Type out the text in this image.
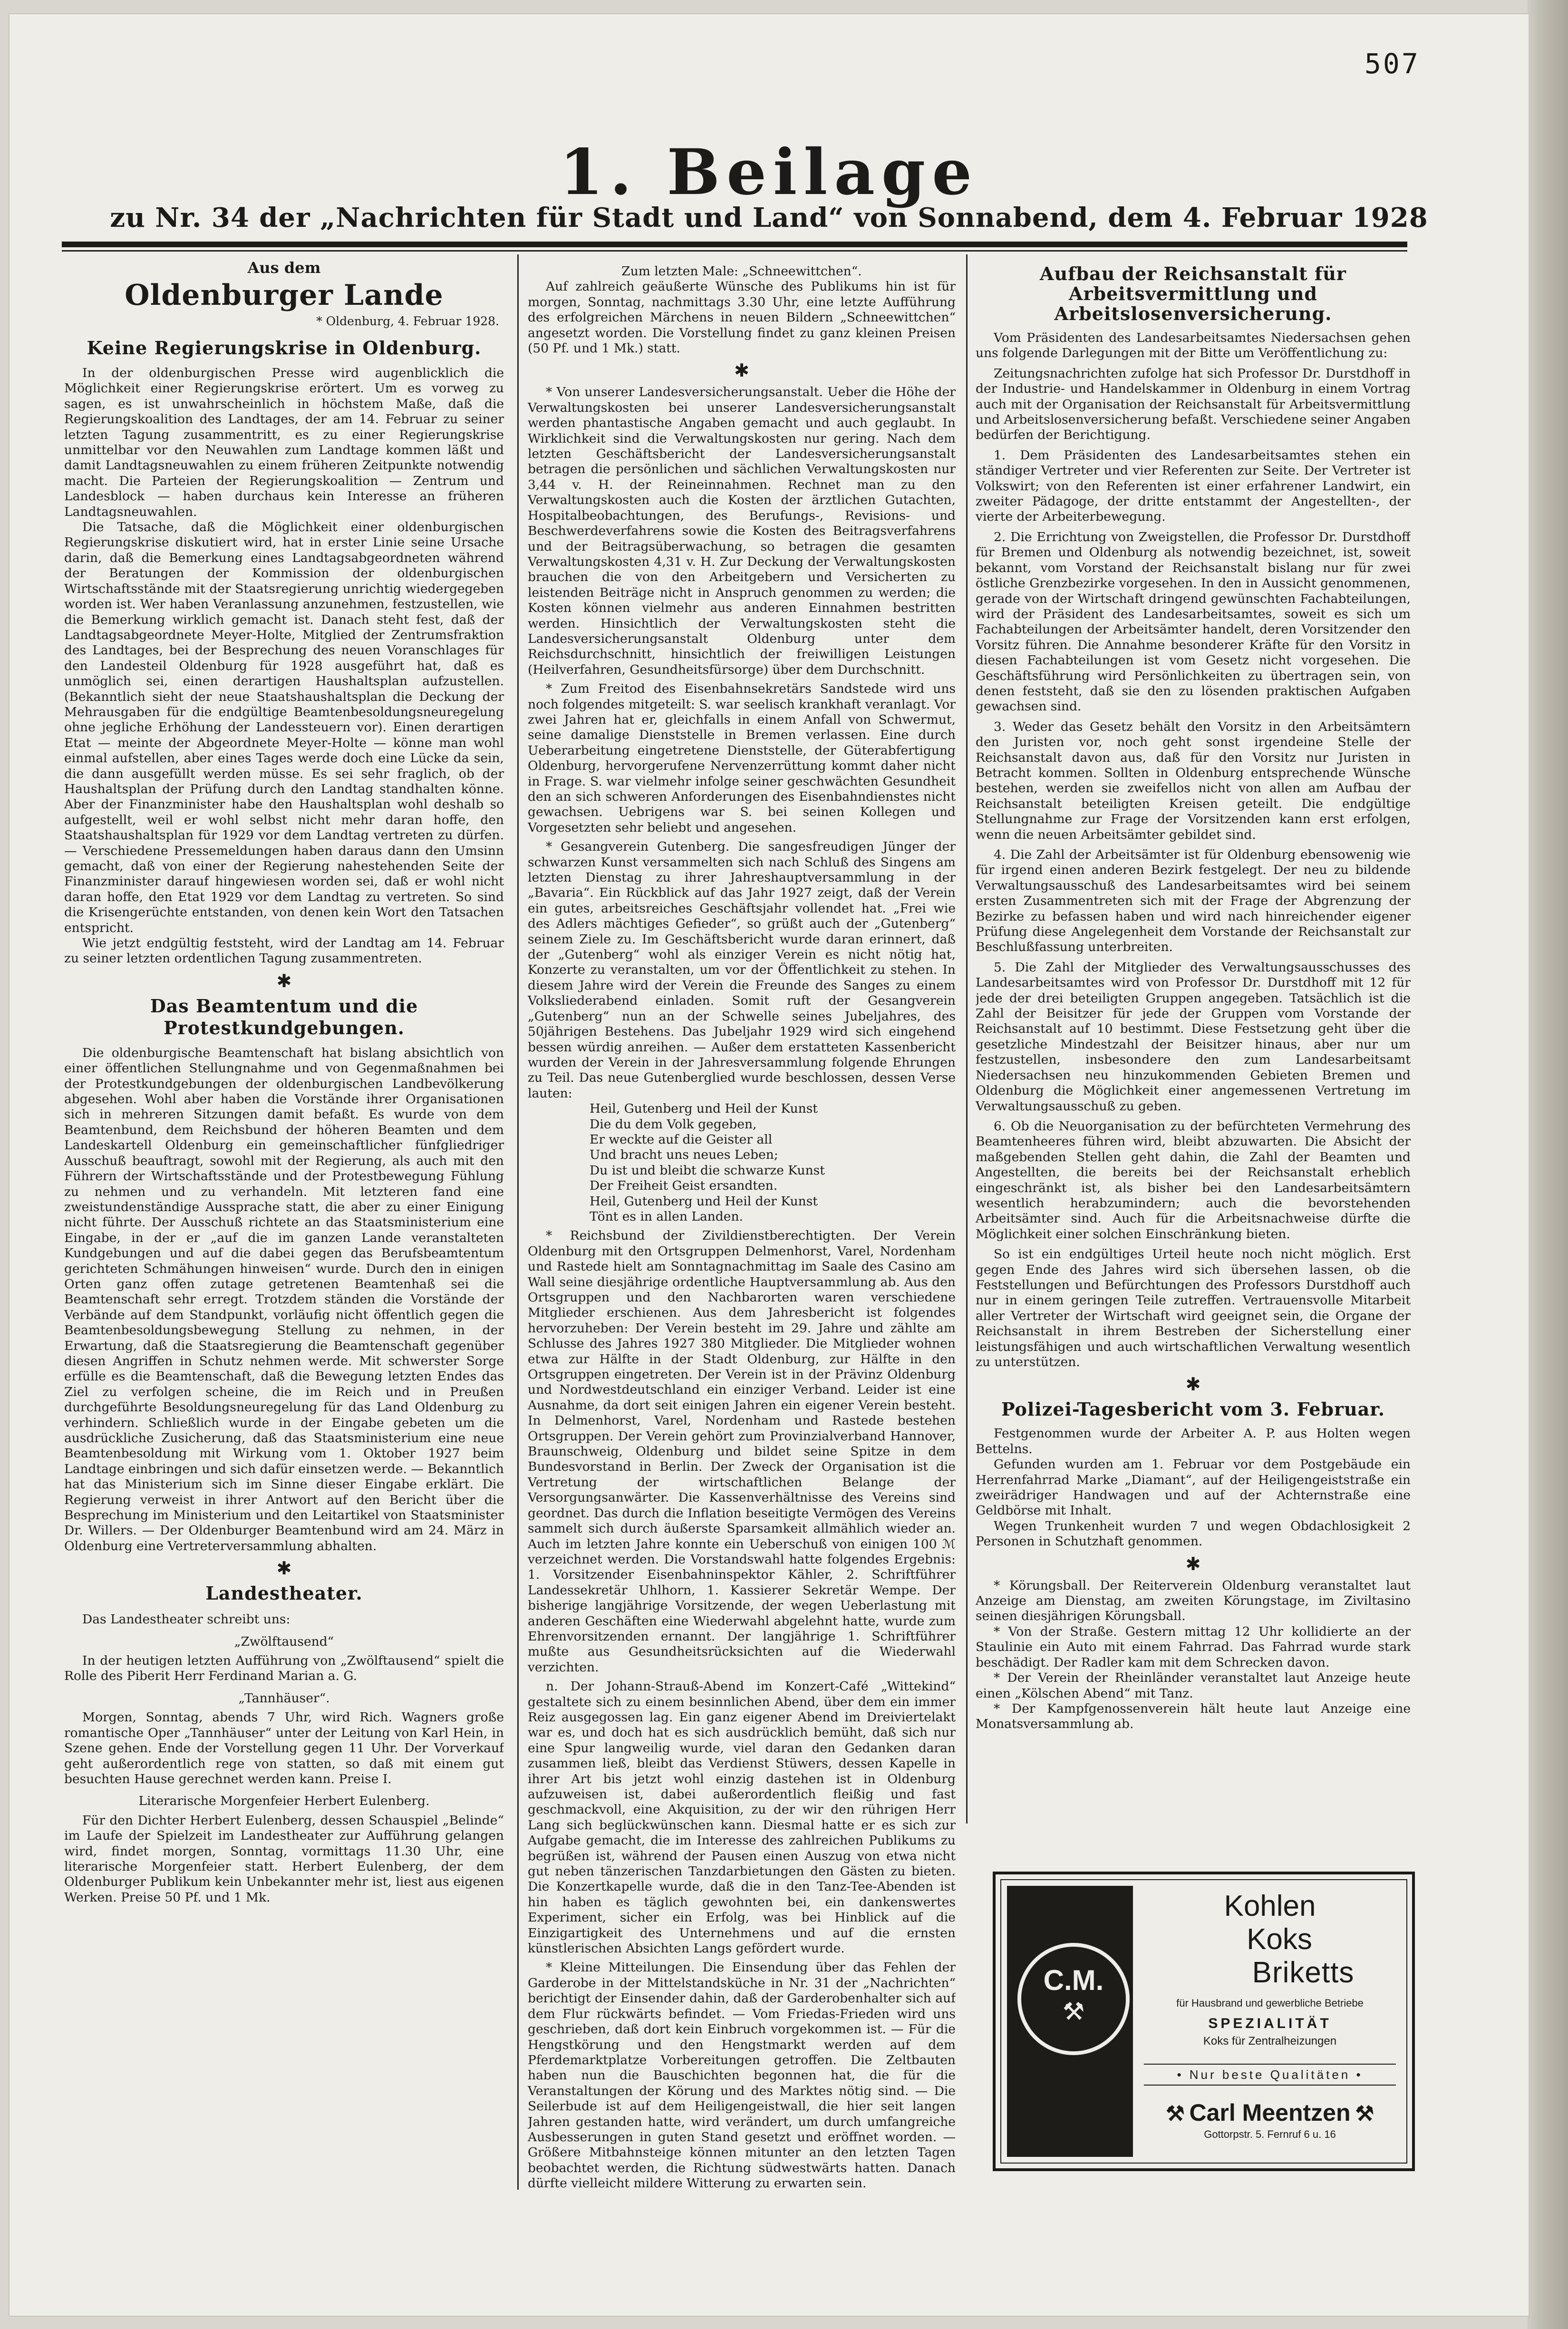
507
1. Beilage
zu Nr. 34 der „Nachrichten für Stadt und Land“ von Sonnabend, dem 4. Februar 1928
Aus dem
Oldenburger Lande
* Oldenburg, 4. Februar 1928.
Keine Regierungskrise in Oldenburg.

In der oldenburgischen Presse wird augenblicklich die Möglichkeit einer Regierungskrise erörtert. Um es vorweg zu sagen, es ist unwahrscheinlich in höchstem Maße, daß die Regierungskoalition des Landtages, der am 14. Februar zu seiner letzten Tagung zusammentritt, es zu einer Regierungskrise unmittelbar vor den Neuwahlen zum Landtage kommen läßt und damit Landtagsneuwahlen zu einem früheren Zeitpunkte notwendig macht. Die Parteien der Regierungskoalition — Zentrum und Landesblock — haben durchaus kein Interesse an früheren Landtagsneuwahlen.

Die Tatsache, daß die Möglichkeit einer oldenburgischen Regierungskrise diskutiert wird, hat in erster Linie seine Ursache darin, daß die Bemerkung eines Landtagsabgeordneten während der Beratungen der Kommission der oldenburgischen Wirtschaftsstände mit der Staatsregierung unrichtig wiedergegeben worden ist. Wer haben Veranlassung anzunehmen, festzustellen, wie die Bemerkung wirklich gemacht ist. Danach steht fest, daß der Landtagsabgeordnete Meyer-Holte, Mitglied der Zentrumsfraktion des Landtages, bei der Besprechung des neuen Voranschlages für den Landesteil Oldenburg für 1928 ausgeführt hat, daß es unmöglich sei, einen derartigen Haushaltsplan aufzustellen. (Bekanntlich sieht der neue Staatshaushaltsplan die Deckung der Mehrausgaben für die endgültige Beamtenbesoldungsneuregelung ohne jegliche Erhöhung der Landessteuern vor). Einen derartigen Etat — meinte der Abgeordnete Meyer-Holte — könne man wohl einmal aufstellen, aber eines Tages werde doch eine Lücke da sein, die dann ausgefüllt werden müsse. Es sei sehr fraglich, ob der Haushaltsplan der Prüfung durch den Landtag standhalten könne. Aber der Finanzminister habe den Haushaltsplan wohl deshalb so aufgestellt, weil er wohl selbst nicht mehr daran hoffe, den Staatshaushaltsplan für 1929 vor dem Landtag vertreten zu dürfen. — Verschiedene Pressemeldungen haben daraus dann den Umsinn gemacht, daß von einer der Regierung nahestehenden Seite der Finanzminister darauf hingewiesen worden sei, daß er wohl nicht daran hoffe, den Etat 1929 vor dem Landtag zu vertreten. So sind die Krisengerüchte entstanden, von denen kein Wort den Tatsachen entspricht.

Wie jetzt endgültig feststeht, wird der Landtag am 14. Februar zu seiner letzten ordentlichen Tagung zusammentreten.

✱
Das Beamtentum und die Protestkundgebungen.

Die oldenburgische Beamtenschaft hat bislang absichtlich von einer öffentlichen Stellungnahme und von Gegenmaßnahmen bei der Protestkundgebungen der oldenburgischen Landbevölkerung abgesehen. Wohl aber haben die Vorstände ihrer Organisationen sich in mehreren Sitzungen damit befaßt. Es wurde von dem Beamtenbund, dem Reichsbund der höheren Beamten und dem Landeskartell Oldenburg ein gemeinschaftlicher fünfgliedriger Ausschuß beauftragt, sowohl mit der Regierung, als auch mit den Führern der Wirtschaftsstände und der Protestbewegung Fühlung zu nehmen und zu verhandeln. Mit letzteren fand eine zweistundenständige Aussprache statt, die aber zu einer Einigung nicht führte. Der Ausschuß richtete an das Staatsministerium eine Eingabe, in der er „auf die im ganzen Lande veranstalteten Kundgebungen und auf die dabei gegen das Berufsbeamtentum gerichteten Schmähungen hinweisen“ wurde. Durch den in einigen Orten ganz offen zutage getretenen Beamtenhaß sei die Beamtenschaft sehr erregt. Trotzdem ständen die Vorstände der Verbände auf dem Standpunkt, vorläufig nicht öffentlich gegen die Beamtenbesoldungsbewegung Stellung zu nehmen, in der Erwartung, daß die Staatsregierung die Beamtenschaft gegenüber diesen Angriffen in Schutz nehmen werde. Mit schwerster Sorge erfülle es die Beamtenschaft, daß die Bewegung letzten Endes das Ziel zu verfolgen scheine, die im Reich und in Preußen durchgeführte Besoldungsneuregelung für das Land Oldenburg zu verhindern. Schließlich wurde in der Eingabe gebeten um die ausdrückliche Zusicherung, daß das Staatsministerium eine neue Beamtenbesoldung mit Wirkung vom 1. Oktober 1927 beim Landtage einbringen und sich dafür einsetzen werde. — Bekanntlich hat das Ministerium sich im Sinne dieser Eingabe erklärt. Die Regierung verweist in ihrer Antwort auf den Bericht über die Besprechung im Ministerium und den Leitartikel von Staatsminister Dr. Willers. — Der Oldenburger Beamtenbund wird am 24. März in Oldenburg eine Vertreterversammlung abhalten.

✱
Landestheater.

Das Landestheater schreibt uns:

„Zwölftausend“

In der heutigen letzten Aufführung von „Zwölftausend“ spielt die Rolle des Piberit Herr Ferdinand Marian a. G.

„Tannhäuser“.

Morgen, Sonntag, abends 7 Uhr, wird Rich. Wagners große romantische Oper „Tannhäuser“ unter der Leitung von Karl Hein, in Szene gehen. Ende der Vorstellung gegen 11 Uhr. Der Vorverkauf geht außerordentlich rege von statten, so daß mit einem gut besuchten Hause gerechnet werden kann. Preise I.

Literarische Morgenfeier Herbert Eulenberg.

Für den Dichter Herbert Eulenberg, dessen Schauspiel „Belinde“ im Laufe der Spielzeit im Landestheater zur Aufführung gelangen wird, findet morgen, Sonntag, vormittags 11.30 Uhr, eine literarische Morgenfeier statt. Herbert Eulenberg, der dem Oldenburger Publikum kein Unbekannter mehr ist, liest aus eigenen Werken. Preise 50 Pf. und 1 Mk.

Zum letzten Male: „Schneewittchen“.

Auf zahlreich geäußerte Wünsche des Publikums hin ist für morgen, Sonntag, nachmittags 3.30 Uhr, eine letzte Aufführung des erfolgreichen Märchens in neuen Bildern „Schneewittchen“ angesetzt worden. Die Vorstellung findet zu ganz kleinen Preisen (50 Pf. und 1 Mk.) statt.

✱

* Von unserer Landesversicherungsanstalt. Ueber die Höhe der Verwaltungskosten bei unserer Landesversicherungsanstalt werden phantastische Angaben gemacht und auch geglaubt. In Wirklichkeit sind die Verwaltungskosten nur gering. Nach dem letzten Geschäftsbericht der Landesversicherungsanstalt betragen die persönlichen und sächlichen Verwaltungskosten nur 3,44 v. H. der Reineinnahmen. Rechnet man zu den Verwaltungskosten auch die Kosten der ärztlichen Gutachten, Hospitalbeobachtungen, des Berufungs-, Revisions- und Beschwerdeverfahrens sowie die Kosten des Beitragsverfahrens und der Beitragsüberwachung, so betragen die gesamten Verwaltungskosten 4,31 v. H. Zur Deckung der Verwaltungskosten brauchen die von den Arbeitgebern und Versicherten zu leistenden Beiträge nicht in Anspruch genommen zu werden; die Kosten können vielmehr aus anderen Einnahmen bestritten werden. Hinsichtlich der Verwaltungskosten steht die Landesversicherungsanstalt Oldenburg unter dem Reichsdurchschnitt, hinsichtlich der freiwilligen Leistungen (Heilverfahren, Gesundheitsfürsorge) über dem Durchschnitt.

* Zum Freitod des Eisenbahnsekretärs Sandstede wird uns noch folgendes mitgeteilt: S. war seelisch krankhaft veranlagt. Vor zwei Jahren hat er, gleichfalls in einem Anfall von Schwermut, seine damalige Dienststelle in Bremen verlassen. Eine durch Ueberarbeitung eingetretene Dienststelle, der Güterabfertigung Oldenburg, hervorgerufene Nervenzerrüttung kommt daher nicht in Frage. S. war vielmehr infolge seiner geschwächten Gesundheit den an sich schweren Anforderungen des Eisenbahndienstes nicht gewachsen. Uebrigens war S. bei seinen Kollegen und Vorgesetzten sehr beliebt und angesehen.

* Gesangverein Gutenberg. Die sangesfreudigen Jünger der schwarzen Kunst versammelten sich nach Schluß des Singens am letzten Dienstag zu ihrer Jahreshauptversammlung in der „Bavaria“. Ein Rückblick auf das Jahr 1927 zeigt, daß der Verein ein gutes, arbeitsreiches Geschäftsjahr vollendet hat. „Frei wie des Adlers mächtiges Gefieder“, so grüßt auch der „Gutenberg“ seinem Ziele zu. Im Geschäftsbericht wurde daran erinnert, daß der „Gutenberg“ wohl als einziger Verein es nicht nötig hat, Konzerte zu veranstalten, um vor der Öffentlichkeit zu stehen. In diesem Jahre wird der Verein die Freunde des Sanges zu einem Volksliederabend einladen. Somit ruft der Gesangverein „Gutenberg“ nun an der Schwelle seines Jubeljahres, des 50jährigen Bestehens. Das Jubeljahr 1929 wird sich eingehend bessen würdig anreihen. — Außer dem erstatteten Kassenbericht wurden der Verein in der Jahresversammlung folgende Ehrungen zu Teil. Das neue Gutenberglied wurde beschlossen, dessen Verse lauten:

Heil, Gutenberg und Heil der Kunst

Die du dem Volk gegeben,

Er weckte auf die Geister all

Und bracht uns neues Leben;

Du ist und bleibt die schwarze Kunst

Der Freiheit Geist ersandten.

Heil, Gutenberg und Heil der Kunst

Tönt es in allen Landen.

* Reichsbund der Zivildienstberechtigten. Der Verein Oldenburg mit den Ortsgruppen Delmenhorst, Varel, Nordenham und Rastede hielt am Sonntagnachmittag im Saale des Casino am Wall seine diesjährige ordentliche Hauptversammlung ab. Aus den Ortsgruppen und den Nachbarorten waren verschiedene Mitglieder erschienen. Aus dem Jahresbericht ist folgendes hervorzuheben: Der Verein besteht im 29. Jahre und zählte am Schlusse des Jahres 1927 380 Mitglieder. Die Mitglieder wohnen etwa zur Hälfte in der Stadt Oldenburg, zur Hälfte in den Ortsgruppen eingetreten. Der Verein ist in der Prävinz Oldenburg und Nordwestdeutschland ein einziger Verband. Leider ist eine Ausnahme, da dort seit einigen Jahren ein eigener Verein besteht. In Delmenhorst, Varel, Nordenham und Rastede bestehen Ortsgruppen. Der Verein gehört zum Provinzialverband Hannover, Braunschweig, Oldenburg und bildet seine Spitze in dem Bundesvorstand in Berlin. Der Zweck der Organisation ist die Vertretung der wirtschaftlichen Belange der Versorgungsanwärter. Die Kassenverhältnisse des Vereins sind geordnet. Das durch die Inflation beseitigte Vermögen des Vereins sammelt sich durch äußerste Sparsamkeit allmählich wieder an. Auch im letzten Jahre konnte ein Ueberschuß von einigen 100 ℳ verzeichnet werden. Die Vorstandswahl hatte folgendes Ergebnis: 1. Vorsitzender Eisenbahninspektor Kähler, 2. Schriftführer Landessekretär Uhlhorn, 1. Kassierer Sekretär Wempe. Der bisherige langjährige Vorsitzende, der wegen Ueberlastung mit anderen Geschäften eine Wiederwahl abgelehnt hatte, wurde zum Ehrenvorsitzenden ernannt. Der langjährige 1. Schriftführer mußte aus Gesundheitsrücksichten auf die Wiederwahl verzichten.

n. Der Johann-Strauß-Abend im Konzert-Café „Wittekind“ gestaltete sich zu einem besinnlichen Abend, über dem ein immer Reiz ausgegossen lag. Ein ganz eigener Abend im Dreiviertelakt war es, und doch hat es sich ausdrücklich bemüht, daß sich nur eine Spur langweilig wurde, viel daran den Gedanken daran zusammen ließ, bleibt das Verdienst Stüwers, dessen Kapelle in ihrer Art bis jetzt wohl einzig dastehen ist in Oldenburg aufzuweisen ist, dabei außerordentlich fleißig und fast geschmackvoll, eine Akquisition, zu der wir den rührigen Herr Lang sich beglückwünschen kann. Diesmal hatte er es sich zur Aufgabe gemacht, die im Interesse des zahlreichen Publikums zu begrüßen ist, während der Pausen einen Auszug von etwa nicht gut neben tänzerischen Tanzdarbietungen den Gästen zu bieten. Die Konzertkapelle wurde, daß die in den Tanz-Tee-Abenden ist hin haben es täglich gewohnten bei, ein dankenswertes Experiment, sicher ein Erfolg, was bei Hinblick auf die Einzigartigkeit des Unternehmens und auf die ernsten künstlerischen Absichten Langs gefördert wurde.

* Kleine Mitteilungen. Die Einsendung über das Fehlen der Garderobe in der Mittelstandsküche in Nr. 31 der „Nachrichten“ berichtigt der Einsender dahin, daß der Garderobenhalter sich auf dem Flur rückwärts befindet. — Vom Friedas-Frieden wird uns geschrieben, daß dort kein Einbruch vorgekommen ist. — Für die Hengstkörung und den Hengstmarkt werden auf dem Pferdemarktplatze Vorbereitungen getroffen. Die Zeltbauten haben nun die Bauschichten begonnen hat, die für die Veranstaltungen der Körung und des Marktes nötig sind. — Die Seilerbude ist auf dem Heiligengeistwall, die hier seit langen Jahren gestanden hatte, wird verändert, um durch umfangreiche Ausbesserungen in guten Stand gesetzt und eröffnet worden. — Größere Mitbahnsteige können mitunter an den letzten Tagen beobachtet werden, die Richtung südwestwärts hatten. Danach dürfte vielleicht mildere Witterung zu erwarten sein.

Aufbau der Reichsanstalt für Arbeitsvermittlung und Arbeitslosenversicherung.

Vom Präsidenten des Landesarbeitsamtes Niedersachsen gehen uns folgende Darlegungen mit der Bitte um Veröffentlichung zu:

Zeitungsnachrichten zufolge hat sich Professor Dr. Durstdhoff in der Industrie- und Handelskammer in Oldenburg in einem Vortrag auch mit der Organisation der Reichsanstalt für Arbeitsvermittlung und Arbeitslosenversicherung befaßt. Verschiedene seiner Angaben bedürfen der Berichtigung.

1. Dem Präsidenten des Landesarbeitsamtes stehen ein ständiger Vertreter und vier Referenten zur Seite. Der Vertreter ist Volkswirt; von den Referenten ist einer erfahrener Landwirt, ein zweiter Pädagoge, der dritte entstammt der Angestellten-, der vierte der Arbeiterbewegung.

2. Die Errichtung von Zweigstellen, die Professor Dr. Durstdhoff für Bremen und Oldenburg als notwendig bezeichnet, ist, soweit bekannt, vom Vorstand der Reichsanstalt bislang nur für zwei östliche Grenzbezirke vorgesehen. In den in Aussicht genommenen, gerade von der Wirtschaft dringend gewünschten Fachabteilungen, wird der Präsident des Landesarbeitsamtes, soweit es sich um Fachabteilungen der Arbeitsämter handelt, deren Vorsitzender den Vorsitz führen. Die Annahme besonderer Kräfte für den Vorsitz in diesen Fachabteilungen ist vom Gesetz nicht vorgesehen. Die Geschäftsführung wird Persönlichkeiten zu übertragen sein, von denen feststeht, daß sie den zu lösenden praktischen Aufgaben gewachsen sind.

3. Weder das Gesetz behält den Vorsitz in den Arbeitsämtern den Juristen vor, noch geht sonst irgendeine Stelle der Reichsanstalt davon aus, daß für den Vorsitz nur Juristen in Betracht kommen. Sollten in Oldenburg entsprechende Wünsche bestehen, werden sie zweifellos nicht von allen am Aufbau der Reichsanstalt beteiligten Kreisen geteilt. Die endgültige Stellungnahme zur Frage der Vorsitzenden kann erst erfolgen, wenn die neuen Arbeitsämter gebildet sind.

4. Die Zahl der Arbeitsämter ist für Oldenburg ebensowenig wie für irgend einen anderen Bezirk festgelegt. Der neu zu bildende Verwaltungsausschuß des Landesarbeitsamtes wird bei seinem ersten Zusammentreten sich mit der Frage der Abgrenzung der Bezirke zu befassen haben und wird nach hinreichender eigener Prüfung diese Angelegenheit dem Vorstande der Reichsanstalt zur Beschlußfassung unterbreiten.

5. Die Zahl der Mitglieder des Verwaltungsausschusses des Landesarbeitsamtes wird von Professor Dr. Durstdhoff mit 12 für jede der drei beteiligten Gruppen angegeben. Tatsächlich ist die Zahl der Beisitzer für jede der Gruppen vom Vorstande der Reichsanstalt auf 10 bestimmt. Diese Festsetzung geht über die gesetzliche Mindestzahl der Beisitzer hinaus, aber nur um festzustellen, insbesondere den zum Landesarbeitsamt Niedersachsen neu hinzukommenden Gebieten Bremen und Oldenburg die Möglichkeit einer angemessenen Vertretung im Verwaltungsausschuß zu geben.

6. Ob die Neuorganisation zu der befürchteten Vermehrung des Beamtenheeres führen wird, bleibt abzuwarten. Die Absicht der maßgebenden Stellen geht dahin, die Zahl der Beamten und Angestellten, die bereits bei der Reichsanstalt erheblich eingeschränkt ist, als bisher bei den Landesarbeitsämtern wesentlich herabzumindern; auch die bevorstehenden Arbeitsämter sind. Auch für die Arbeitsnachweise dürfte die Möglichkeit einer solchen Einschränkung bieten.

So ist ein endgültiges Urteil heute noch nicht möglich. Erst gegen Ende des Jahres wird sich übersehen lassen, ob die Feststellungen und Befürchtungen des Professors Durstdhoff auch nur in einem geringen Teile zutreffen. Vertrauensvolle Mitarbeit aller Vertreter der Wirtschaft wird geeignet sein, die Organe der Reichsanstalt in ihrem Bestreben der Sicherstellung einer leistungsfähigen und auch wirtschaftlichen Verwaltung wesentlich zu unterstützen.

✱
Polizei-Tagesbericht vom 3. Februar.

Festgenommen wurde der Arbeiter A. P. aus Holten wegen Bettelns.

Gefunden wurden am 1. Februar vor dem Postgebäude ein Herrenfahrrad Marke „Diamant“, auf der Heiligengeiststraße ein zweirädriger Handwagen und auf der Achternstraße eine Geldbörse mit Inhalt.

Wegen Trunkenheit wurden 7 und wegen Obdachlosigkeit 2 Personen in Schutzhaft genommen.

✱

* Körungsball. Der Reiterverein Oldenburg veranstaltet laut Anzeige am Dienstag, am zweiten Körungstage, im Ziviltasino seinen diesjährigen Körungsball.

* Von der Straße. Gestern mittag 12 Uhr kollidierte an der Staulinie ein Auto mit einem Fahrrad. Das Fahrrad wurde stark beschädigt. Der Radler kam mit dem Schrecken davon.

* Der Verein der Rheinländer veranstaltet laut Anzeige heute einen „Kölschen Abend“ mit Tanz.

* Der Kampfgenossenverein hält heute laut Anzeige eine Monatsversammlung ab.

C.M.
⚒
Kohlen
Koks
Briketts
für Hausbrand und gewerbliche Betriebe
SPEZIALITÄT
Koks für Zentralheizungen
• Nur beste Qualitäten •
⚒ Carl Meentzen ⚒
Gottorpstr. 5. Fernruf 6 u. 16
